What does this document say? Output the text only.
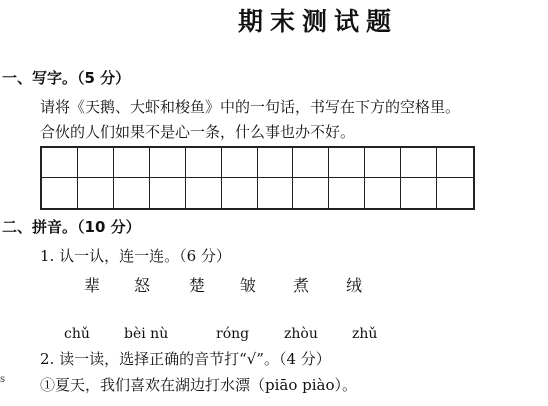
期末测试题
一、写字。（5 分）
请将《天鹅、大虾和梭鱼》中的一句话，书写在下方的空格里。
合伙的人们如果不是心一条，什么事也办不好。
二、拼音。（10 分）
1. 认一认，连一连。（6 分）
辈 怒 楚 皱 煮 绒
chǔ bèi nù	róng zhòu zhǔ
2. 读一读，选择正确的音节打“√”。（4 分）
①夏天，我们喜欢在湖边打水漂（piāo piào）。
s
